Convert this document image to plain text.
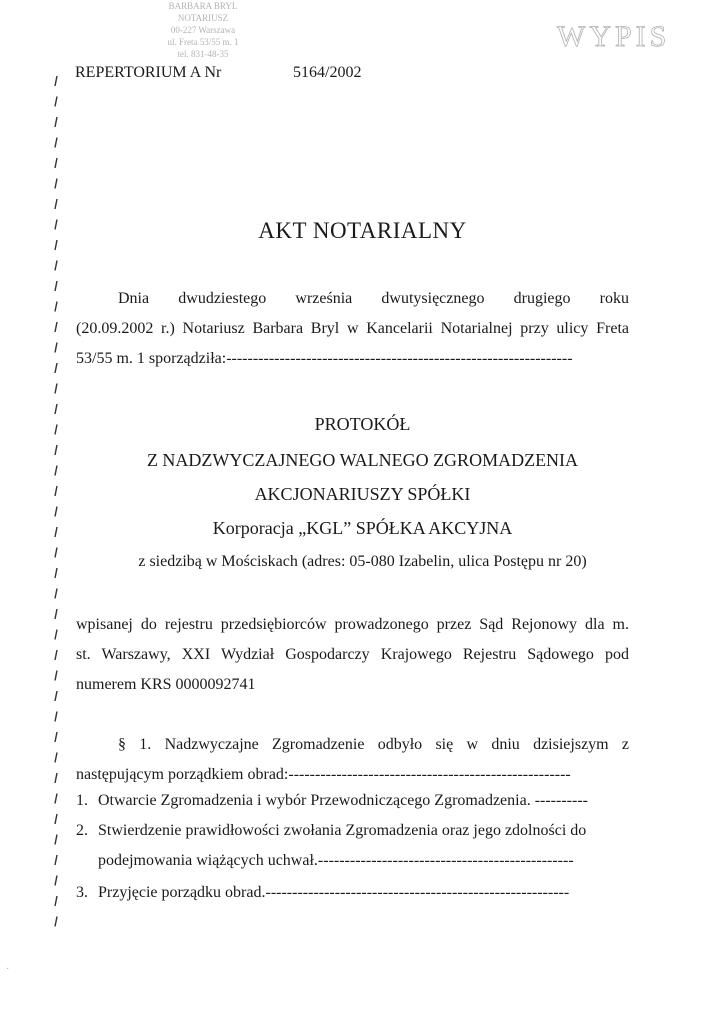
BARBARA BRYL
NOTARIUSZ
00-227 Warszawa
ul. Freta 53/55 m. 1
tel. 831-48-35
WYPIS
REPERTORIUM A Nr	5164/2002
AKT NOTARIALNY
Dnia dwudziestego września dwutysięcznego drugiego roku
(20.09.2002 r.) Notariusz Barbara Bryl w Kancelarii Notarialnej przy ulicy Freta
53/55 m. 1 sporządziła:-----------------------------------------------------------------
PROTOKÓŁ
Z NADZWYCZAJNEGO WALNEGO ZGROMADZENIA
AKCJONARIUSZY SPÓŁKI
Korporacja „KGL” SPÓŁKA AKCYJNA
z siedzibą w Mościskach (adres: 05-080 Izabelin, ulica Postępu nr 20)
wpisanej do rejestru przedsiębiorców prowadzonego przez Sąd Rejonowy dla m.
st. Warszawy, XXI Wydział Gospodarczy Krajowego Rejestru Sądowego pod
numerem KRS 0000092741
§ 1. Nadzwyczajne Zgromadzenie odbyło się w dniu dzisiejszym z
następującym porządkiem obrad:-----------------------------------------------------
1. Otwarcie Zgromadzenia i wybór Przewodniczącego Zgromadzenia. ----------
2. Stwierdzenie prawidłowości zwołania Zgromadzenia oraz jego zdolności do
podejmowania wiążących uchwał.------------------------------------------------
3. Przyjęcie porządku obrad.---------------------------------------------------------
·
